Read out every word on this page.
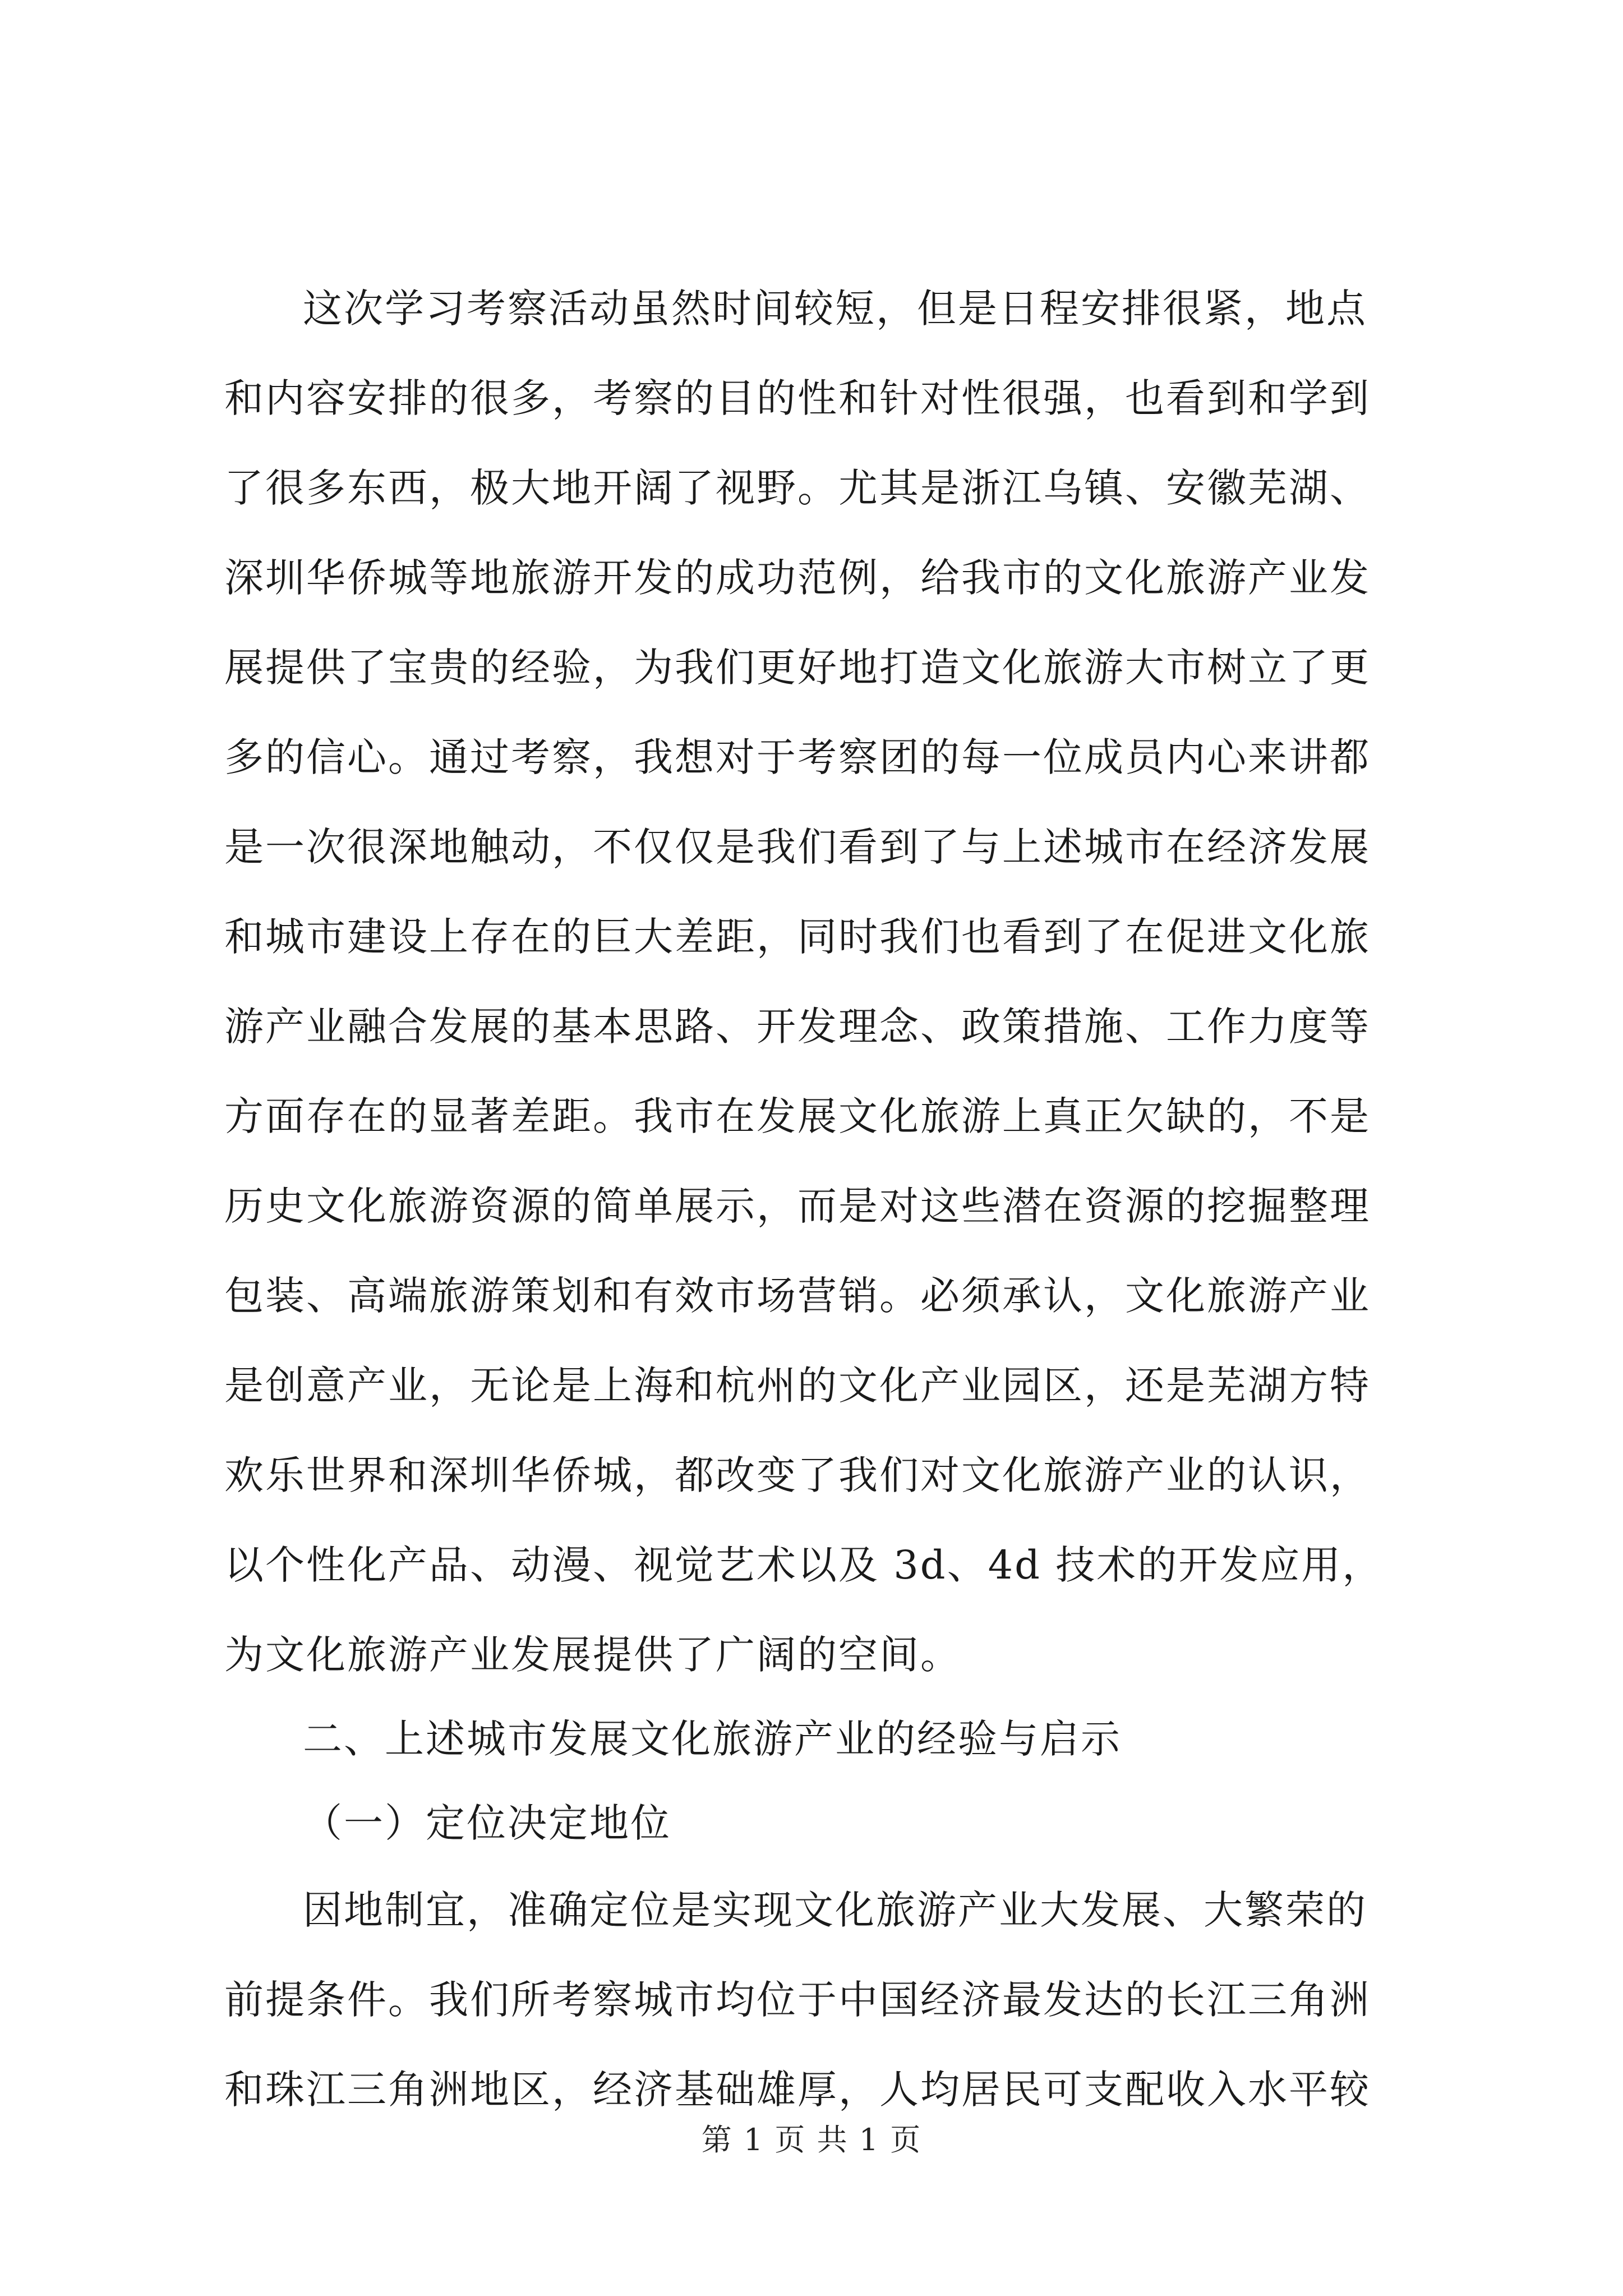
这次学习考察活动虽然时间较短，但是日程安排很紧，地点
和内容安排的很多，考察的目的性和针对性很强，也看到和学到
了很多东西，极大地开阔了视野。尤其是浙江乌镇、安徽芜湖、
深圳华侨城等地旅游开发的成功范例，给我市的文化旅游产业发
展提供了宝贵的经验，为我们更好地打造文化旅游大市树立了更
多的信心。通过考察，我想对于考察团的每一位成员内心来讲都
是一次很深地触动，不仅仅是我们看到了与上述城市在经济发展
和城市建设上存在的巨大差距，同时我们也看到了在促进文化旅
游产业融合发展的基本思路、开发理念、政策措施、工作力度等
方面存在的显著差距。我市在发展文化旅游上真正欠缺的，不是
历史文化旅游资源的简单展示，而是对这些潜在资源的挖掘整理
包装、高端旅游策划和有效市场营销。必须承认，文化旅游产业
是创意产业，无论是上海和杭州的文化产业园区，还是芜湖方特
欢乐世界和深圳华侨城，都改变了我们对文化旅游产业的认识，
以个性化产品、动漫、视觉艺术以及 3d、4d 技术的开发应用，
为文化旅游产业发展提供了广阔的空间。
二、上述城市发展文化旅游产业的经验与启示
（一）定位决定地位
因地制宜，准确定位是实现文化旅游产业大发展、大繁荣的
前提条件。我们所考察城市均位于中国经济最发达的长江三角洲
和珠江三角洲地区，经济基础雄厚，人均居民可支配收入水平较
第 1 页 共 1 页
